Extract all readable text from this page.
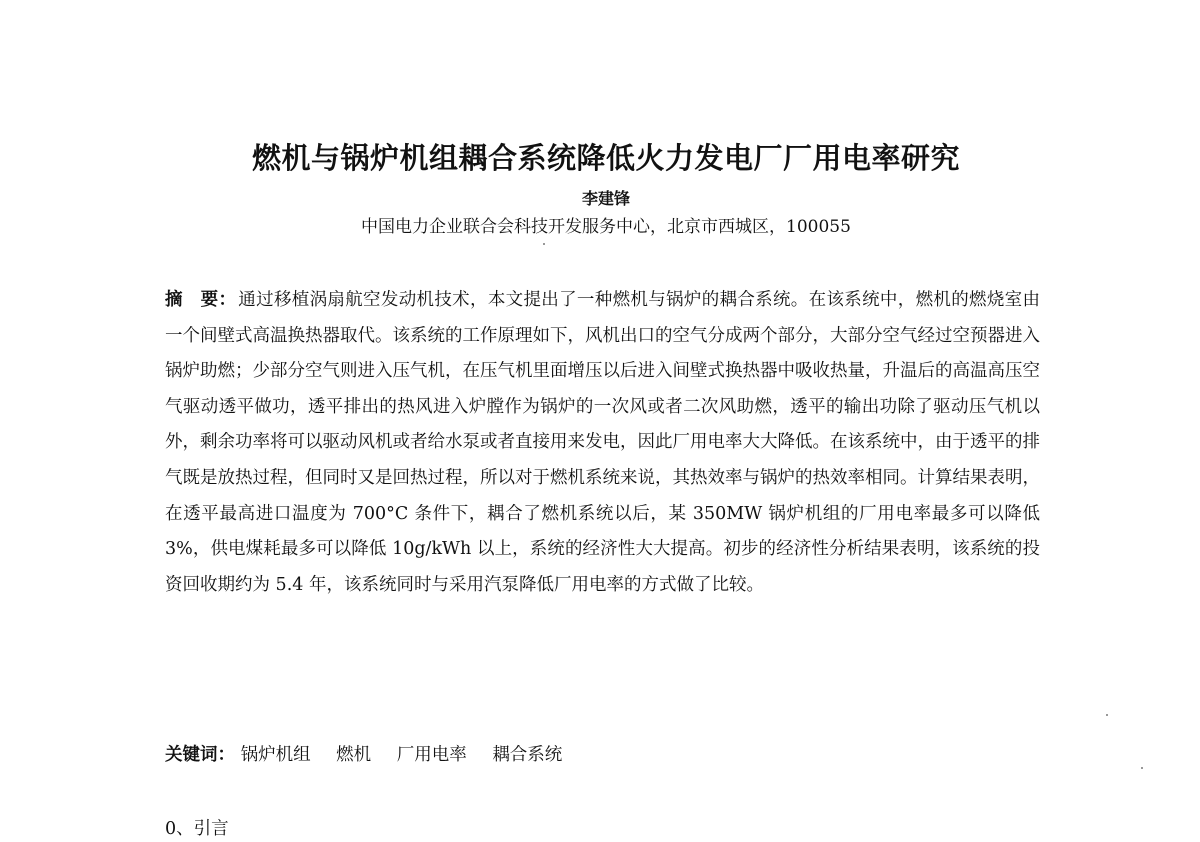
燃机与锅炉机组耦合系统降低火力发电厂厂用电率研究
李建锋
中国电力企业联合会科技开发服务中心，北京市西城区，100055

摘　要： 通过移植涡扇航空发动机技术，本文提出了一种燃机与锅炉的耦合系统。在该系统中，燃机的燃烧室由一个间壁式高温换热器取代。该系统的工作原理如下，风机出口的空气分成两个部分，大部分空气经过空预器进入锅炉助燃；少部分空气则进入压气机，在压气机里面增压以后进入间壁式换热器中吸收热量，升温后的高温高压空气驱动透平做功，透平排出的热风进入炉膛作为锅炉的一次风或者二次风助燃，透平的输出功除了驱动压气机以外，剩余功率将可以驱动风机或者给水泵或者直接用来发电，因此厂用电率大大降低。在该系统中，由于透平的排气既是放热过程，但同时又是回热过程，所以对于燃机系统来说，其热效率与锅炉的热效率相同。计算结果表明，在透平最高进口温度为 700°C 条件下，耦合了燃机系统以后，某 350MW 锅炉机组的厂用电率最多可以降低 3%，供电煤耗最多可以降低 10g/kWh 以上，系统的经济性大大提高。初步的经济性分析结果表明，该系统的投资回收期约为 5.4 年，该系统同时与采用汽泵降低厂用电率的方式做了比较。

关键词： 锅炉机组 燃机 厂用电率 耦合系统
0、引言
